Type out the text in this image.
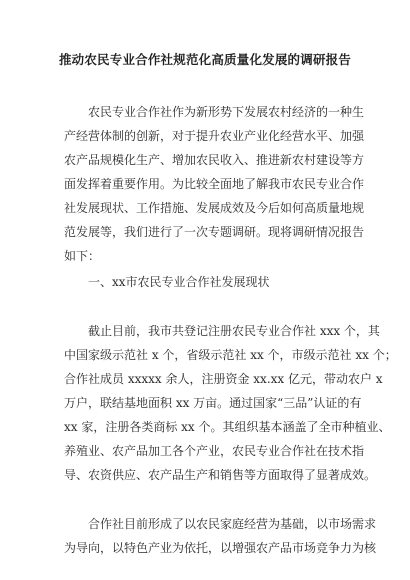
推动农民专业合作社规范化高质量化发展的调研报告
农民专业合作社作为新形势下发展农村经济的一种生
产经营体制的创新，对于提升农业产业化经营水平、加强
农产品规模化生产、增加农民收入、推进新农村建设等方
面发挥着重要作用。为比较全面地了解我市农民专业合作
社发展现状、工作措施、发展成效及今后如何高质量地规
范发展等，我们进行了一次专题调研。现将调研情况报告
如下：
一、xx市农民专业合作社发展现状
截止目前，我市共登记注册农民专业合作社 xxx 个，其
中国家级示范社 x 个，省级示范社 xx 个，市级示范社 xx 个；
合作社成员 xxxxx 余人，注册资金 xx.xx 亿元，带动农户 x
万户，联结基地面积 xx 万亩。通过国家“三品”认证的有
xx 家，注册各类商标 xx 个。其组织基本涵盖了全市种植业、
养殖业、农产品加工各个产业，农民专业合作社在技术指
导、农资供应、农产品生产和销售等方面取得了显著成效。
合作社目前形成了以农民家庭经营为基础，以市场需求
为导向，以特色产业为依托，以增强农产品市场竞争力为核
